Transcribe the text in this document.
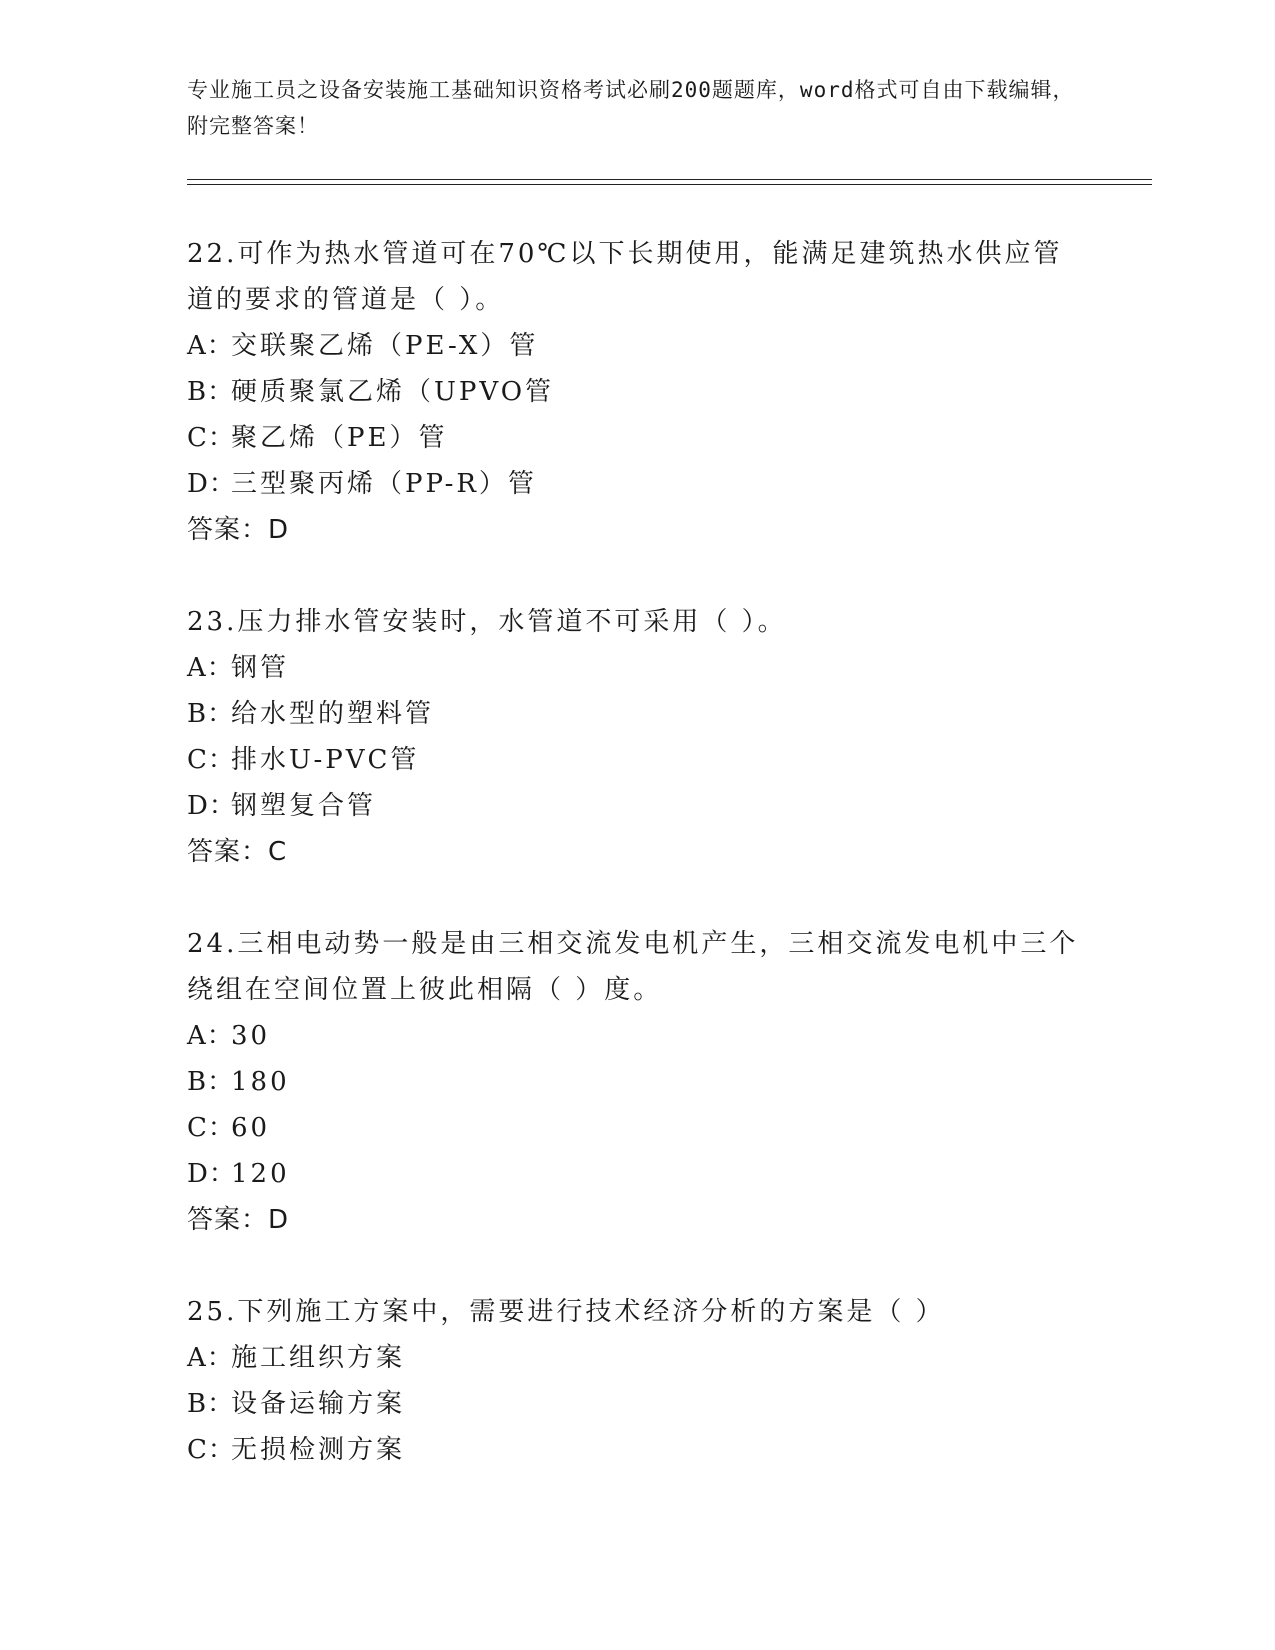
专业施工员之设备安装施工基础知识资格考试必刷200题题库，word格式可自由下载编辑，附完整答案！

22.可作为热水管道可在70℃以下长期使用，能满足建筑热水供应管道的要求的管道是（ ）。

A：交联聚乙烯（PE-X）管

B：硬质聚氯乙烯（UPVO管

C：聚乙烯（PE）管

D：三型聚丙烯（PP-R）管

答案：D

23.压力排水管安装时，水管道不可采用（ ）。

A：钢管

B：给水型的塑料管

C：排水U-PVC管

D：钢塑复合管

答案：C

24.三相电动势一般是由三相交流发电机产生，三相交流发电机中三个绕组在空间位置上彼此相隔（ ）度。

A：30

B：180

C：60

D：120

答案：D

25.下列施工方案中，需要进行技术经济分析的方案是（ ）

A：施工组织方案

B：设备运输方案

C：无损检测方案
